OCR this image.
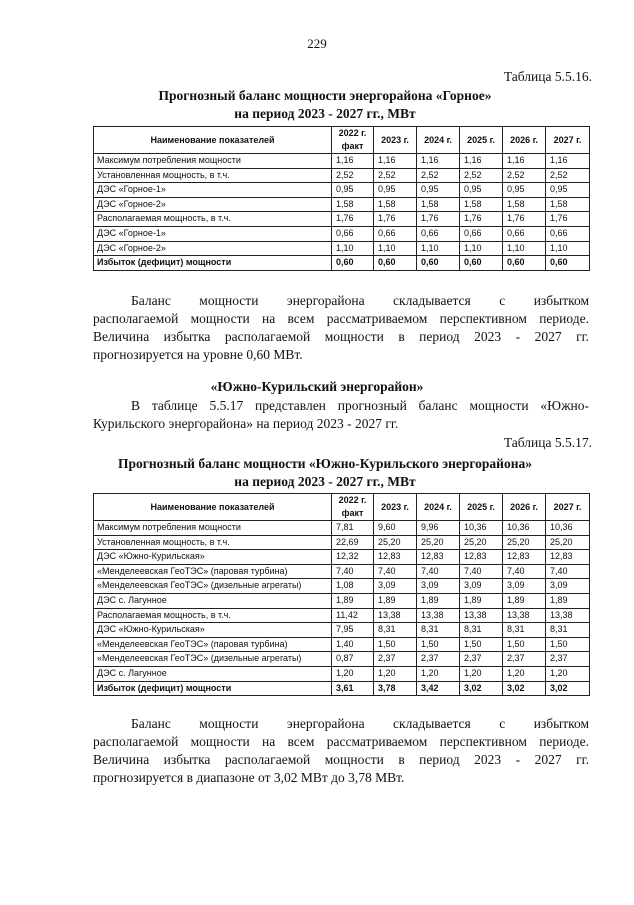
229
Таблица 5.5.16.
Прогнозный баланс мощности энергорайона «Горное»
на период 2023 - 2027 гг., МВт
Наименование показателей	2022 г. факт	2023 г.	2024 г.	2025 г.	2026 г.	2027 г.
Максимум потребления мощности	1,16	1,16	1,16	1,16	1,16	1,16
Установленная мощность, в т.ч.	2,52	2,52	2,52	2,52	2,52	2,52
ДЭС «Горное-1»	0,95	0,95	0,95	0,95	0,95	0,95
ДЭС «Горное-2»	1,58	1,58	1,58	1,58	1,58	1,58
Располагаемая мощность, в т.ч.	1,76	1,76	1,76	1,76	1,76	1,76
ДЭС «Горное-1»	0,66	0,66	0,66	0,66	0,66	0,66
ДЭС «Горное-2»	1,10	1,10	1,10	1,10	1,10	1,10
Избыток (дефицит) мощности	0,60	0,60	0,60	0,60	0,60	0,60
Баланс мощности энергорайона складывается с избытком
располагаемой мощности на всем рассматриваемом перспективном периоде.
Величина избытка располагаемой мощности в период 2023 - 2027 гг.
прогнозируется на уровне 0,60 МВт.
«Южно-Курильский энергорайон»
В таблице 5.5.17 представлен прогнозный баланс мощности «Южно-
Курильского энергорайона» на период 2023 - 2027 гг.
Таблица 5.5.17.
Прогнозный баланс мощности «Южно-Курильского энергорайона»
на период 2023 - 2027 гг., МВт
Наименование показателей	2022 г. факт	2023 г.	2024 г.	2025 г.	2026 г.	2027 г.
Максимум потребления мощности	7,81	9,60	9,96	10,36	10,36	10,36
Установленная мощность, в т.ч.	22,69	25,20	25,20	25,20	25,20	25,20
ДЭС «Южно-Курильская»	12,32	12,83	12,83	12,83	12,83	12,83
«Менделеевская ГеоТЭС» (паровая турбина)	7,40	7,40	7,40	7,40	7,40	7,40
«Менделеевская ГеоТЭС» (дизельные агрегаты)	1,08	3,09	3,09	3,09	3,09	3,09
ДЭС с. Лагунное	1,89	1,89	1,89	1,89	1,89	1,89
Располагаемая мощность, в т.ч.	11,42	13,38	13,38	13,38	13,38	13,38
ДЭС «Южно-Курильская»	7,95	8,31	8,31	8,31	8,31	8,31
«Менделеевская ГеоТЭС» (паровая турбина)	1,40	1,50	1,50	1,50	1,50	1,50
«Менделеевская ГеоТЭС» (дизельные агрегаты)	0,87	2,37	2,37	2,37	2,37	2,37
ДЭС с. Лагунное	1,20	1,20	1,20	1,20	1,20	1,20
Избыток (дефицит) мощности	3,61	3,78	3,42	3,02	3,02	3,02
Баланс мощности энергорайона складывается с избытком
располагаемой мощности на всем рассматриваемом перспективном периоде.
Величина избытка располагаемой мощности в период 2023 - 2027 гг.
прогнозируется в диапазоне от 3,02 МВт до 3,78 МВт.
